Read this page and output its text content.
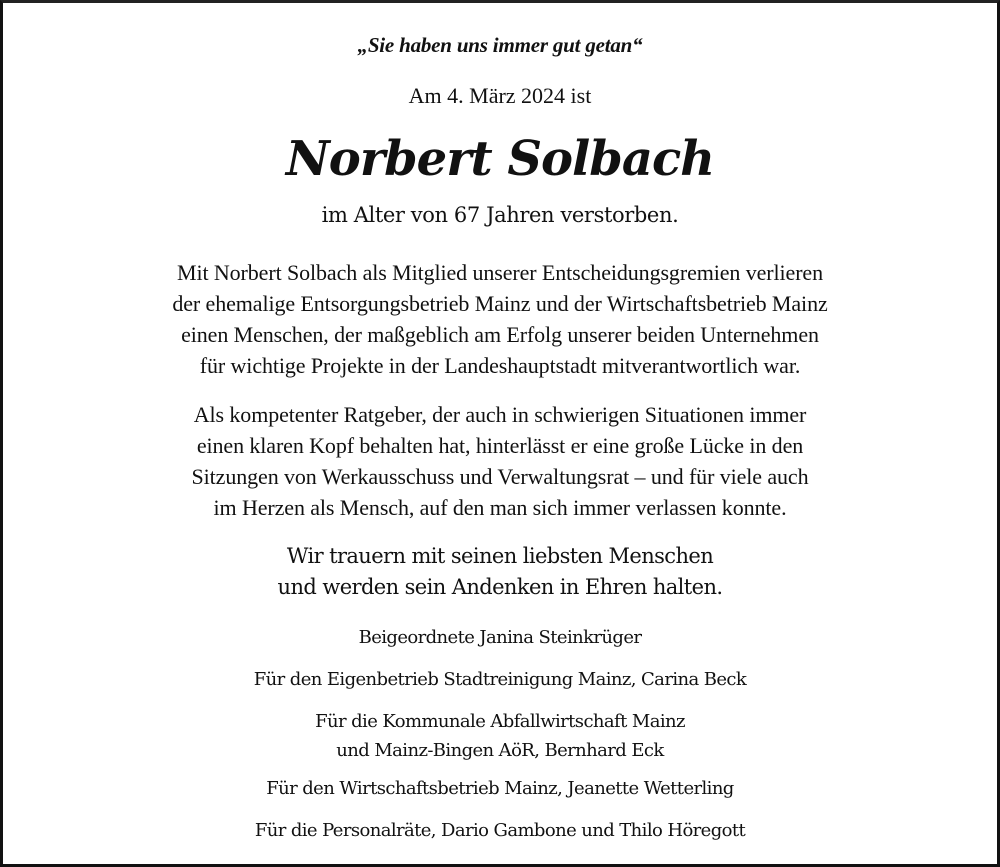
„Sie haben uns immer gut getan“
Am 4. März 2024 ist
Norbert Solbach
im Alter von 67 Jahren verstorben.
Mit Norbert Solbach als Mitglied unserer Entscheidungsgremien verlieren
der ehemalige Entsorgungsbetrieb Mainz und der Wirtschaftsbetrieb Mainz
einen Menschen, der maßgeblich am Erfolg unserer beiden Unternehmen
für wichtige Projekte in der Landeshauptstadt mitverantwortlich war.
Als kompetenter Ratgeber, der auch in schwierigen Situationen immer
einen klaren Kopf behalten hat, hinterlässt er eine große Lücke in den
Sitzungen von Werkausschuss und Verwaltungsrat – und für viele auch
im Herzen als Mensch, auf den man sich immer verlassen konnte.
Wir trauern mit seinen liebsten Menschen
und werden sein Andenken in Ehren halten.
Beigeordnete Janina Steinkrüger
Für den Eigenbetrieb Stadtreinigung Mainz, Carina Beck
Für die Kommunale Abfallwirtschaft Mainz
und Mainz-Bingen AöR, Bernhard Eck
Für den Wirtschaftsbetrieb Mainz, Jeanette Wetterling
Für die Personalräte, Dario Gambone und Thilo Höregott
